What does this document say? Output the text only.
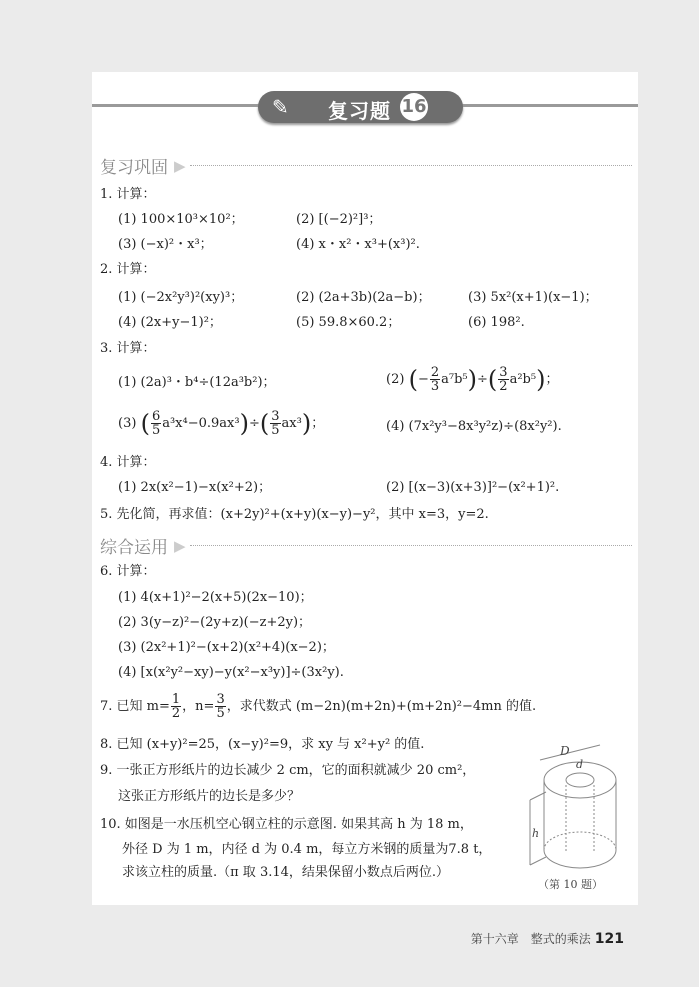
✎ 复习题 16
复习巩固 ▶
1. 计算：
(1) 100×10³×10²；	(2) [(−2)²]³；
(3) (−x)²・x³；	(4) x・x²・x³+(x³)².
2. 计算：
(1) (−2x²y³)²(xy)³；	(2) (2a+3b)(2a−b)；	(3) 5x²(x+1)(x−1)；
(4) (2x+y−1)²；	(5) 59.8×60.2；	(6) 198².
3. 计算：
(1) (2a)³・b⁴÷(12a³b²)；	(2) (− $\frac{2}{3} a^7b^5)\div( \frac{3}{2} a^2b^5)$；
(3) ( $\frac{6}{5} a^3x^4-0.9ax^3)\div( \frac{3}{5} ax^3)$；	(4) (7x²y³−8x³y²z)÷(8x²y²).
4. 计算：
(1) 2x(x²−1)−x(x²+2)；	(2) [(x−3)(x+3)]²−(x²+1)².
5. 先化简，再求值：(x+2y)²+(x+y)(x−y)−y²，其中 x=3，y=2.
综合运用 ▶
6. 计算：
(1) 4(x+1)²−2(x+5)(2x−10)；
(2) 3(y−z)²−(2y+z)(−z+2y)；
(3) (2x²+1)²−(x+2)(x²+4)(x−2)；
(4) [x(x²y²−xy)−y(x²−x³y)]÷(3x²y).
7. 已知 $m= \frac{1}{2}$ ，$n= \frac{3}{5}$ ，求代数式 (m−2n)(m+2n)+(m+2n)²−4mn 的值.
8. 已知 (x+y)²=25，(x−y)²=9，求 xy 与 x²+y² 的值.
9. 一张正方形纸片的边长减少 2 cm，它的面积就减少 20 cm²，
这张正方形纸片的边长是多少？
10. 如图是一水压机空心钢立柱的示意图. 如果其高 h 为 18 m，
外径 D 为 1 m，内径 d 为 0.4 m，每立方米钢的质量为7.8 t，
求该立柱的质量.（π 取 3.14，结果保留小数点后两位.）
D
d
h
（第 10 题）
第十六章　整式的乘法 121
